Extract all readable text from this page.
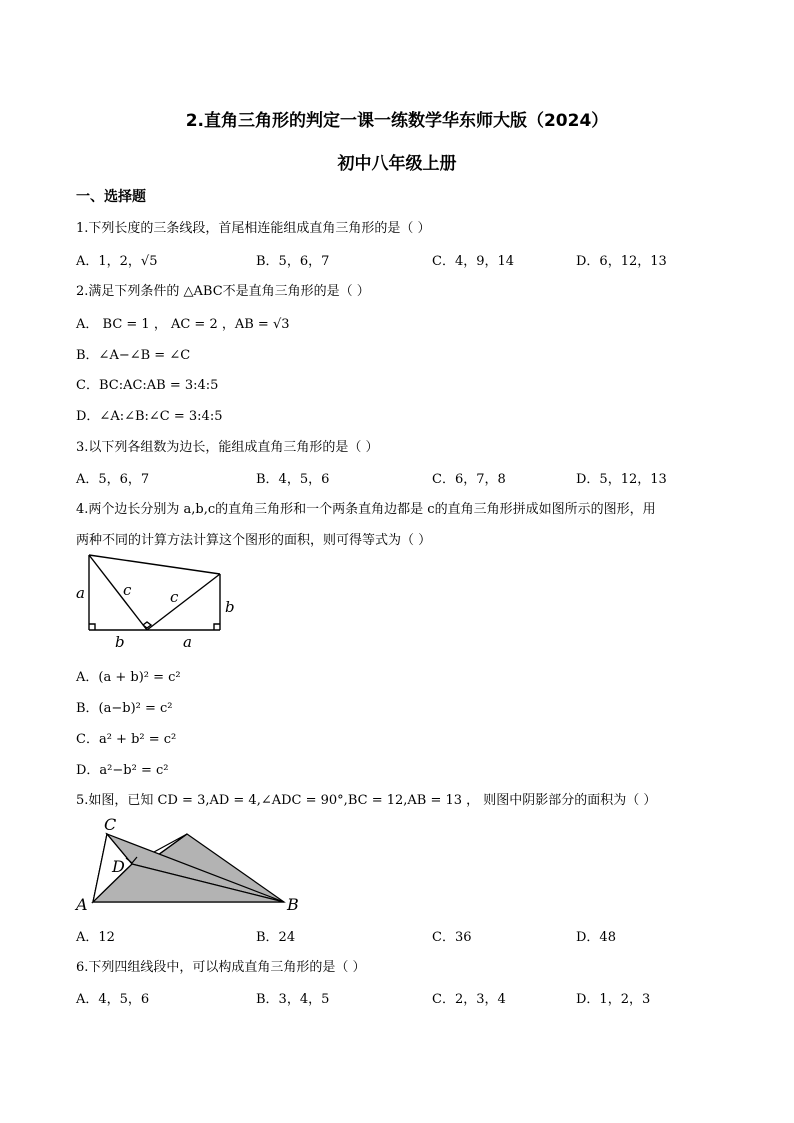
2.直角三角形的判定一课一练数学华东师大版（2024）
初中八年级上册
一、选择题
1.下列长度的三条线段，首尾相连能组成直角三角形的是（ ）
A．1，2，√5	B．5，6，7	C．4，9，14	D．6，12，13
2.满足下列条件的 △ABC不是直角三角形的是（ ）
A． BC = 1 ， AC = 2 ，AB = √3
B．∠A−∠B = ∠C
C．BC:AC:AB = 3:4:5
D．∠A:∠B:∠C = 3:4:5
3.以下列各组数为边长，能组成直角三角形的是（ ）
A．5，6，7	B．4，5，6	C．6，7，8	D．5，12，13
4.两个边长分别为 a,b,c的直角三角形和一个两条直角边都是 c的直角三角形拼成如图所示的图形，用
两种不同的计算方法计算这个图形的面积，则可得等式为（ ）
a	c	c
b
b	a
A．(a + b)² = c²
B．(a−b)² = c²
C．a² + b² = c²
D．a²−b² = c²
5.如图，已知 CD = 3,AD = 4,∠ADC = 90°,BC = 12,AB = 13 ， 则图中阴影部分的面积为（ ）
C
D
A	B
A．12	B．24	C．36	D．48
6.下列四组线段中，可以构成直角三角形的是（ ）
A．4，5，6	B．3，4，5	C．2，3，4	D．1，2，3
